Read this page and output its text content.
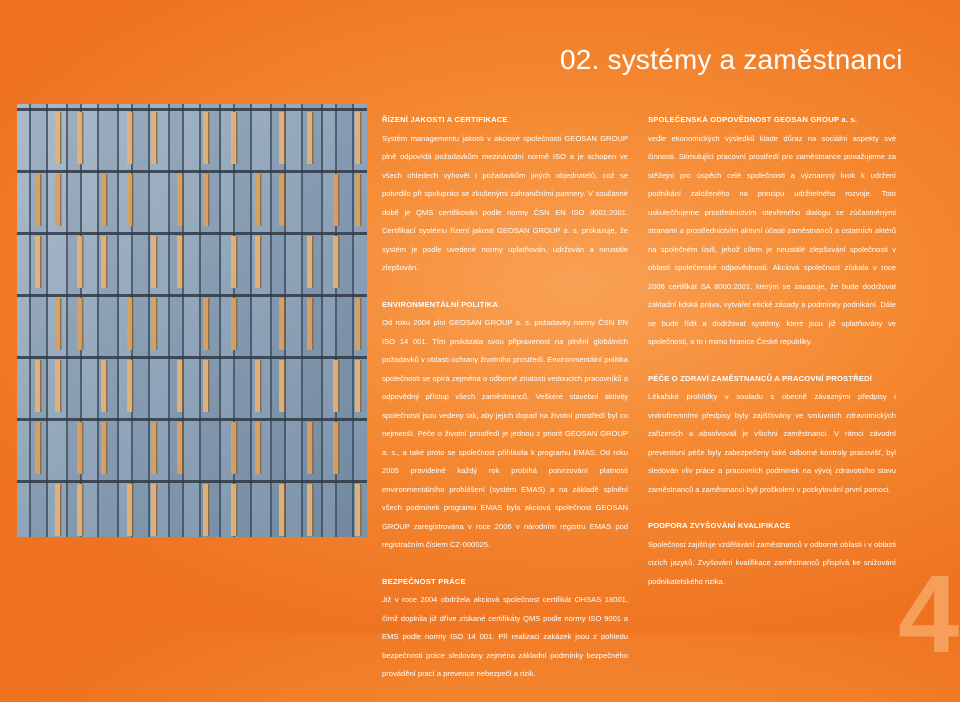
02. systémy a zaměstnanci
ŘÍZENÍ JAKOSTI A CERTIFIKACE

Systém managementu jakosti v akciové společnosti GEOSAN GROUP plně odpovídá požadavkům mezinárodní normě ISO a je schopen ve všech ohledech vyhovět i požadavkům jiných objednatelů, což se potvrdilo při spolupráci se zkušenými zahraničními partnery. V současné době je QMS certifikován podle normy ČSN EN ISO 9001:2001. Certifikací systému řízení jakosti GEOSAN GROUP a. s. prokazuje, že systém je podle uvedené normy uplatňován, udržován a neustále zlepšován.

ENVIRONMENTÁLNÍ POLITIKA

Od roku 2004 plní GEOSAN GROUP a. s. požadavky normy ČSN EN ISO 14 001. Tím prokázala svou připravenost na plnění globálních požadavků v oblasti ochrany životního prostředí. Environmentální politika společnosti se opírá zejména o odborné znalosti vedoucích pracovníků a odpovědný přístup všech zaměstnanců. Veškeré stavební aktivity společnosti jsou vedeny tak, aby jejich dopad na životní prostředí byl co nejmenší. Péče o životní prostředí je jednou z priorit GEOSAN GROUP a. s., a také proto se společnost přihlásila k programu EMAS. Od roku 2005 pravidelně každý rok probíhá potvrzování platnosti environmentálního prohlášení (systém EMAS) a na základě splnění všech podmínek programu EMAS byla akciová společnost GEOSAN GROUP zaregistrována v roce 2006 v národním registru EMAS pod registračním číslem CZ-000025.

BEZPEČNOST PRÁCE

Již v roce 2004 obdržela akciová společnost certifikát OHSAS 18001, čímž doplnila již dříve získané certifikáty QMS podle normy ISO 9001 a EMS podle normy ISO 14 001. Při realizaci zakázek jsou z pohledu bezpečnosti práce sledovány zejména základní podmínky bezpečného provádění prací a prevence nebezpečí a rizik.

SPOLEČENSKÁ ODPOVĚDNOST GEOSAN GROUP a. s.

vedle ekonomických výsledků klade důraz na sociální aspekty své činnosti. Stimulující pracovní prostředí pro zaměstnance považujeme za stěžejní pro úspěch celé společnosti a významný krok k udržení podnikání založeného na principu udržitelného rozvoje. Toto uskutečňujeme prostřednictvím otevřeného dialogu se zúčastněnými stranami a prostřednictvím aktivní účasti zaměstnanců a ostatních aktérů na společném úsilí, jehož cílem je neustálé zlepšování společnosti v oblasti společenské odpovědnosti. Akciová společnost získala v roce 2006 certifikát SA 8000:2001, kterým se zavazuje, že bude dodržovat základní lidská práva, vytvářet etické zásady a podmínky podnikání. Dále se bude řídit a dodržovat systémy, které jsou již uplatňovány ve společnosti, a to i mimo hranice České republiky.

PÉČE O ZDRAVÍ ZAMĚSTNANCŮ A PRACOVNÍ PROSTŘEDÍ

Lékařské prohlídky v souladu s obecně závaznými předpisy i vnitrofiremními předpisy byly zajišťovány ve smluvních zdravotnických zařízeních a absolvovali je všichni zaměstnanci. V rámci závodní preventivní péče byly zabezpečeny také odborné kontroly pracovišť, byl sledován vliv práce a pracovních podmínek na vývoj zdravotního stavu zaměstnanců a zaměstnanci byli proškoleni v poskytování první pomoci.

PODPORA ZVYŠOVÁNÍ KVALIFIKACE

Společnost zajišťuje vzdělávání zaměstnanců v odborné oblasti i v oblasti cizích jazyků. Zvyšování kvalifikace zaměstnanců přispívá ke snižování podnikatelského rizika.	4
